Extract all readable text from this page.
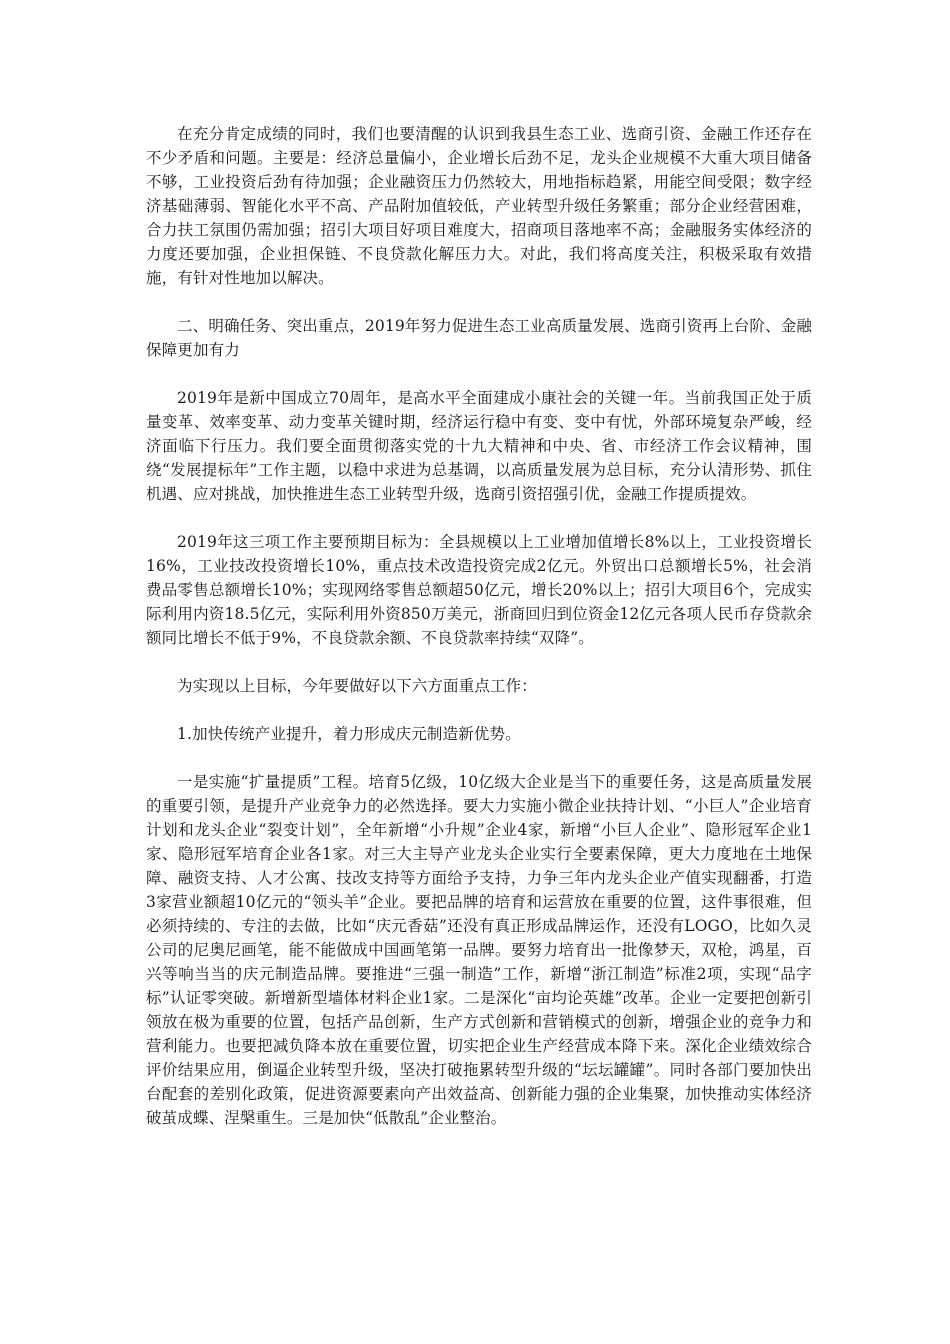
在充分肯定成绩的同时，我们也要清醒的认识到我县生态工业、选商引资、金融工作还存在不少矛盾和问题。主要是：经济总量偏小，企业增长后劲不足，龙头企业规模不大重大项目储备不够，工业投资后劲有待加强；企业融资压力仍然较大，用地指标趋紧，用能空间受限；数字经济基础薄弱、智能化水平不高、产品附加值较低，产业转型升级任务繁重；部分企业经营困难，合力扶工氛围仍需加强；招引大项目好项目难度大，招商项目落地率不高；金融服务实体经济的力度还要加强，企业担保链、不良贷款化解压力大。对此，我们将高度关注，积极采取有效措施，有针对性地加以解决。

二、明确任务、突出重点，2019年努力促进生态工业高质量发展、选商引资再上台阶、金融保障更加有力

2019年是新中国成立70周年，是高水平全面建成小康社会的关键一年。当前我国正处于质量变革、效率变革、动力变革关键时期，经济运行稳中有变、变中有忧，外部环境复杂严峻，经济面临下行压力。我们要全面贯彻落实党的十九大精神和中央、省、市经济工作会议精神，围绕“发展提标年”工作主题，以稳中求进为总基调，以高质量发展为总目标，充分认清形势、抓住机遇、应对挑战，加快推进生态工业转型升级，选商引资招强引优，金融工作提质提效。

2019年这三项工作主要预期目标为：全县规模以上工业增加值增长8%以上，工业投资增长16%，工业技改投资增长10%，重点技术改造投资完成2亿元。外贸出口总额增长5%，社会消费品零售总额增长10%；实现网络零售总额超50亿元，增长20%以上；招引大项目6个，完成实际利用内资18.5亿元，实际利用外资850万美元，浙商回归到位资金12亿元各项人民币存贷款余额同比增长不低于9%，不良贷款余额、不良贷款率持续“双降”。

为实现以上目标，今年要做好以下六方面重点工作：

1.加快传统产业提升，着力形成庆元制造新优势。

一是实施“扩量提质”工程。培育5亿级，10亿级大企业是当下的重要任务，这是高质量发展的重要引领，是提升产业竞争力的必然选择。要大力实施小微企业扶持计划、“小巨人”企业培育计划和龙头企业“裂变计划”，全年新增“小升规”企业4家，新增“小巨人企业”、隐形冠军企业1家、隐形冠军培育企业各1家。对三大主导产业龙头企业实行全要素保障，更大力度地在土地保障、融资支持、人才公寓、技改支持等方面给予支持，力争三年内龙头企业产值实现翻番，打造3家营业额超10亿元的“领头羊”企业。要把品牌的培育和运营放在重要的位置，这件事很难，但必须持续的、专注的去做，比如“庆元香菇”还没有真正形成品牌运作，还没有LOGO，比如久灵公司的尼奥尼画笔，能不能做成中国画笔第一品牌。要努力培育出一批像梦天，双枪，鸿星，百兴等响当当的庆元制造品牌。要推进“三强一制造”工作，新增“浙江制造”标准2项，实现“品字标”认证零突破。新增新型墙体材料企业1家。二是深化“亩均论英雄”改革。企业一定要把创新引领放在极为重要的位置，包括产品创新，生产方式创新和营销模式的创新，增强企业的竞争力和营利能力。也要把减负降本放在重要位置，切实把企业生产经营成本降下来。深化企业绩效综合评价结果应用，倒逼企业转型升级，坚决打破拖累转型升级的“坛坛罐罐”。同时各部门要加快出台配套的差别化政策，促进资源要素向产出效益高、创新能力强的企业集聚，加快推动实体经济破茧成蝶、涅槃重生。三是加快“低散乱”企业整治。
